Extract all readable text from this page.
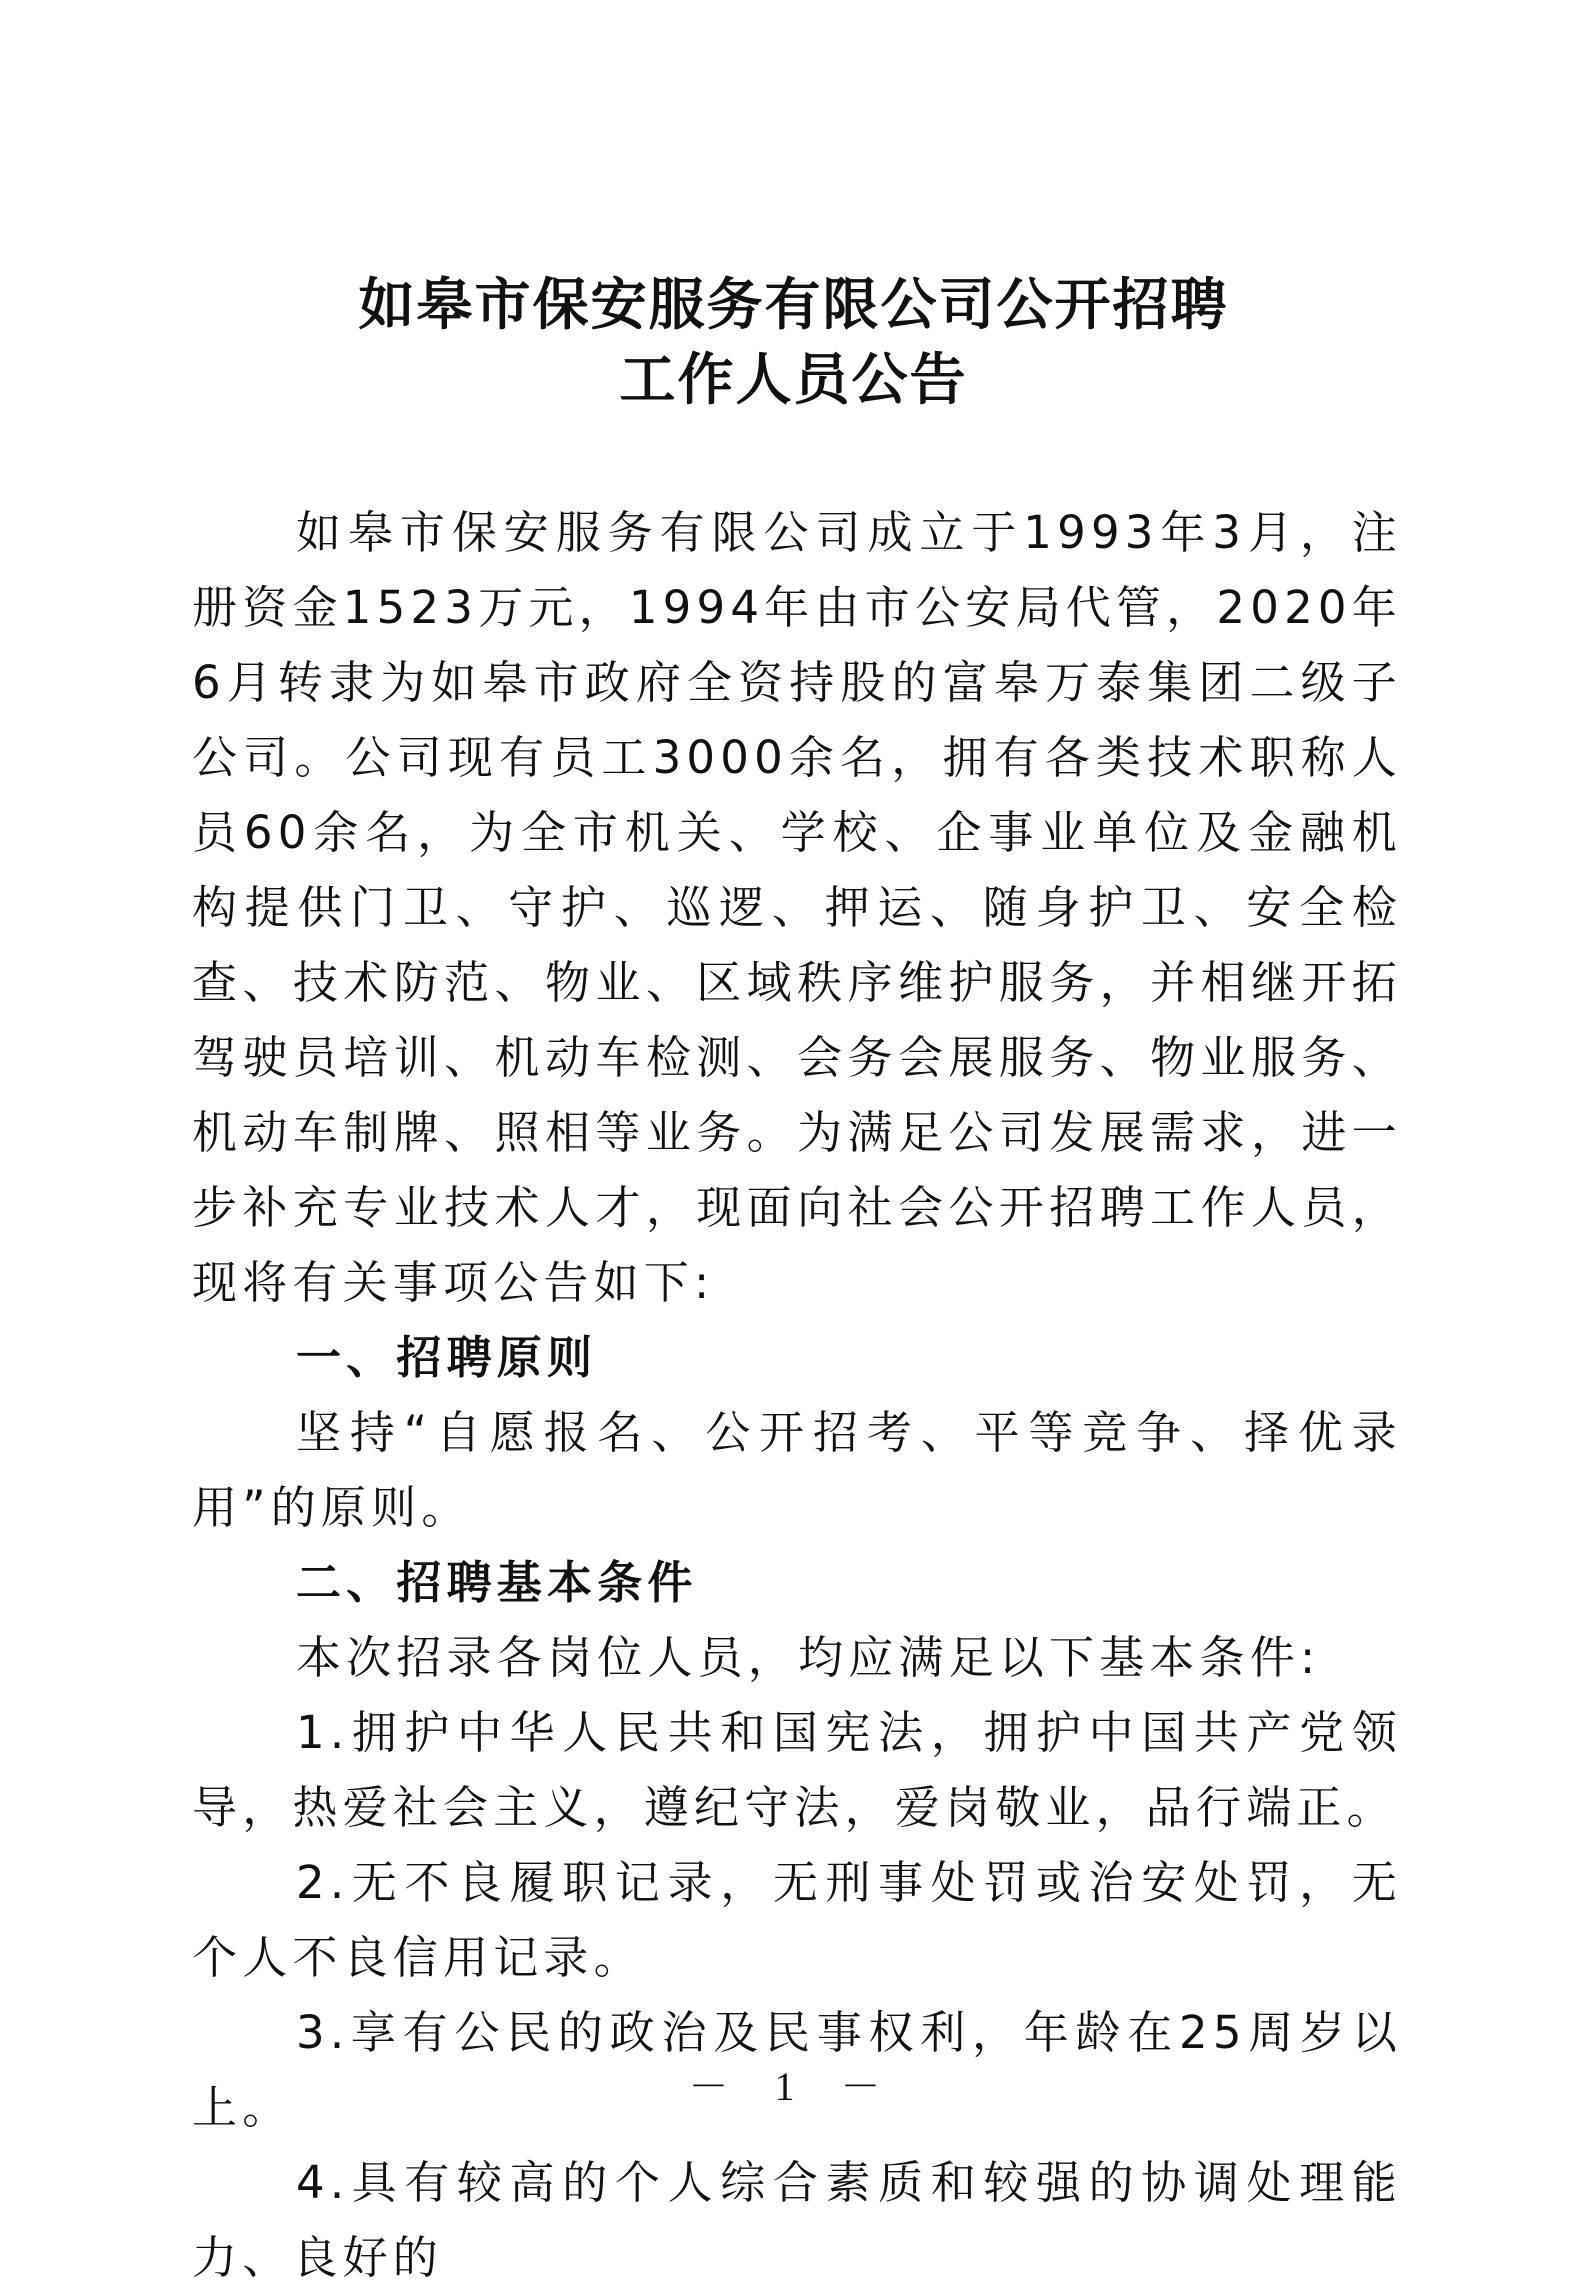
如皋市保安服务有限公司公开招聘
工作人员公告

如皋市保安服务有限公司成立于1993年3月，注册资金1523万元，1994年由市公安局代管，2020年6月转隶为如皋市政府全资持股的富皋万泰集团二级子公司。公司现有员工3000余名，拥有各类技术职称人员60余名，为全市机关、学校、企事业单位及金融机构提供门卫、守护、巡逻、押运、随身护卫、安全检查、技术防范、物业、区域秩序维护服务，并相继开拓驾驶员培训、机动车检测、会务会展服务、物业服务、机动车制牌、照相等业务。为满足公司发展需求，进一步补充专业技术人才，现面向社会公开招聘工作人员，现将有关事项公告如下:

一、招聘原则

坚持“自愿报名、公开招考、平等竞争、择优录用”的原则。

二、招聘基本条件

本次招录各岗位人员，均应满足以下基本条件:

1.拥护中华人民共和国宪法，拥护中国共产党领导，热爱社会主义，遵纪守法，爱岗敬业，品行端正。

2.无不良履职记录，无刑事处罚或治安处罚，无个人不良信用记录。

3.享有公民的政治及民事权利，年龄在25周岁以上。

4.具有较高的个人综合素质和较强的协调处理能力、良好的

－ 1 －
